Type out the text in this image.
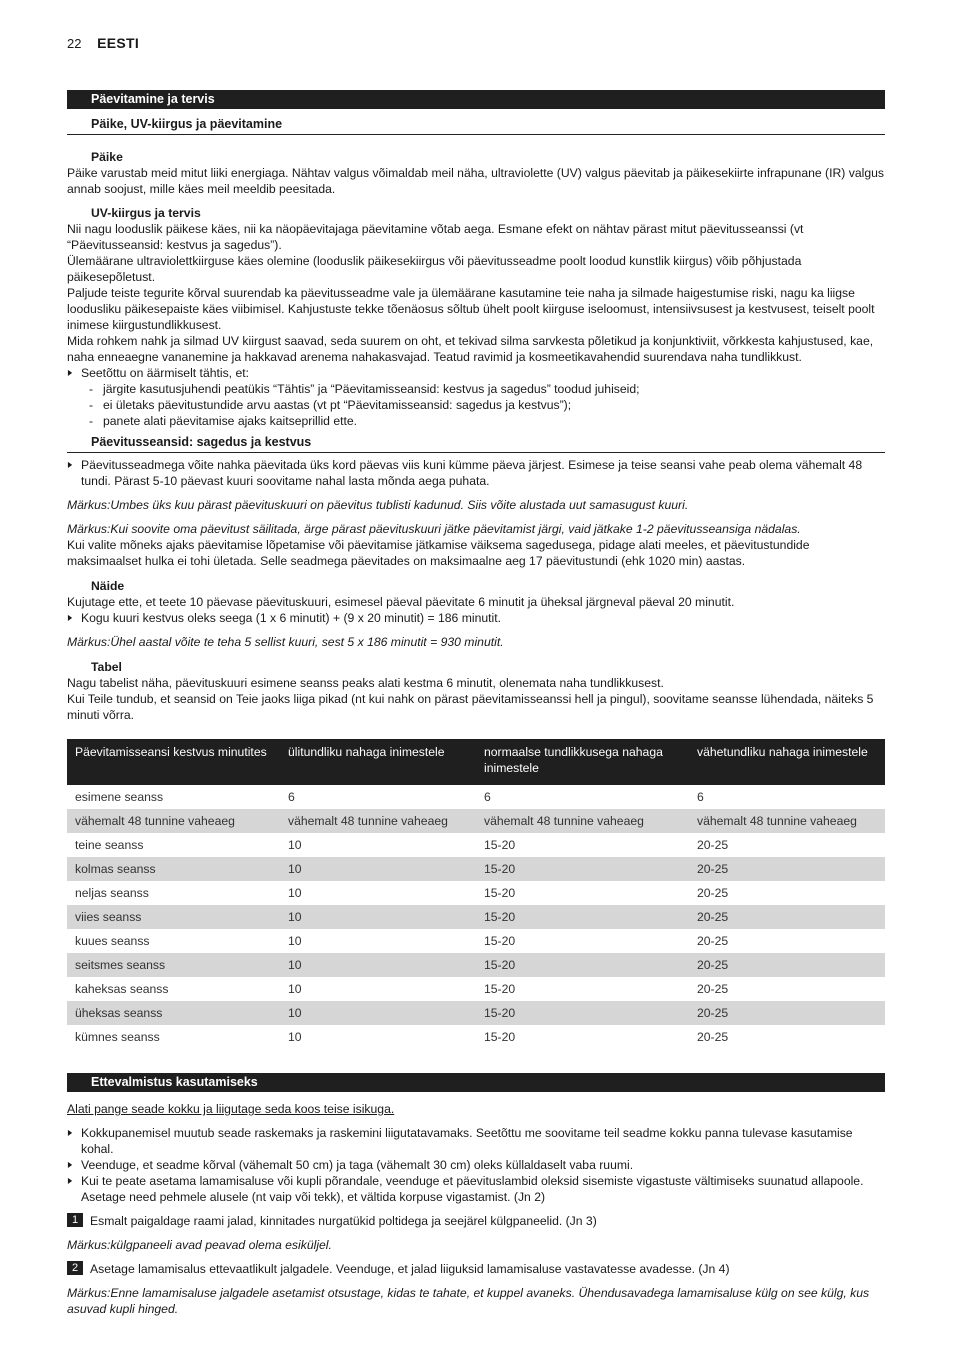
22 EESTI
Päevitamine ja tervis
Päike, UV-kiirgus ja päevitamine
Päike

Päike varustab meid mitut liiki energiaga. Nähtav valgus võimaldab meil näha, ultraviolette (UV) valgus päevitab ja päikesekiirte infrapunane (IR) valgus annab soojust, mille käes meil meeldib peesitada.

UV-kiirgus ja tervis

Nii nagu looduslik päikese käes, nii ka näopäevitajaga päevitamine võtab aega. Esmane efekt on nähtav pärast mitut päevitusseanssi (vt “Päevitusseansid: kestvus ja sagedus”).

Ülemäärane ultraviolettkiirguse käes olemine (looduslik päikesekiirgus või päevitusseadme poolt loodud kunstlik kiirgus) võib põhjustada päikesepõletust.

Paljude teiste tegurite kõrval suurendab ka päevitusseadme vale ja ülemäärane kasutamine teie naha ja silmade haigestumise riski, nagu ka liigse loodusliku päikesepaiste käes viibimisel. Kahjustuste tekke tõenäosus sõltub ühelt poolt kiirguse iseloomust, intensiivsusest ja kestvusest, teiselt poolt inimese kiirgustundlikkusest.

Mida rohkem nahk ja silmad UV kiirgust saavad, seda suurem on oht, et tekivad silma sarvkesta põletikud ja konjunktiviit, võrkkesta kahjustused, kae, naha enneaegne vananemine ja hakkavad arenema nahakasvajad. Teatud ravimid ja kosmeetikavahendid suurendava naha tundlikkust.

▶ Seetõttu on äärmiselt tähtis, et:

- järgite kasutusjuhendi peatükis “Tähtis” ja “Päevitamisseansid: kestvus ja sagedus” toodud juhiseid;

- ei ületaks päevitustundide arvu aastas (vt pt “Päevitamisseansid: sagedus ja kestvus”);

- panete alati päevitamise ajaks kaitseprillid ette.

Päevitusseansid: sagedus ja kestvus

▶ Päevitusseadmega võite nahka päevitada üks kord päevas viis kuni kümme päeva järjest. Esimese ja teise seansi vahe peab olema vähemalt 48 tundi. Pärast 5-10 päevast kuuri soovitame nahal lasta mõnda aega puhata.

Märkus:Umbes üks kuu pärast päevituskuuri on päevitus tublisti kadunud. Siis võite alustada uut samasugust kuuri.

Märkus:Kui soovite oma päevitust säilitada, ärge pärast päevituskuuri jätke päevitamist järgi, vaid jätkake 1-2 päevitusseansiga nädalas.

Kui valite mõneks ajaks päevitamise lõpetamise või päevitamise jätkamise väiksema sagedusega, pidage alati meeles, et päevitustundide maksimaalset hulka ei tohi ületada. Selle seadmega päevitades on maksimaalne aeg 17 päevitustundi (ehk 1020 min) aastas.

Näide

Kujutage ette, et teete 10 päevase päevituskuuri, esimesel päeval päevitate 6 minutit ja üheksal järgneval päeval 20 minutit.

▶ Kogu kuuri kestvus oleks seega (1 x 6 minutit) + (9 x 20 minutit) = 186 minutit.

Märkus:Ühel aastal võite te teha 5 sellist kuuri, sest 5 x 186 minutit = 930 minutit.

Tabel

Nagu tabelist näha, päevituskuuri esimene seanss peaks alati kestma 6 minutit, olenemata naha tundlikkusest.

Kui Teile tundub, et seansid on Teie jaoks liiga pikad (nt kui nahk on pärast päevitamisseanssi hell ja pingul), soovitame seansse lühendada, näiteks 5 minuti võrra.

Päevitamisseansi kestvus minutites	ülitundliku nahaga inimestele	normaalse tundlikkusega nahaga inimestele	vähetundliku nahaga inimestele
esimene seanss	6	6	6
vähemalt 48 tunnine vaheaeg	vähemalt 48 tunnine vaheaeg	vähemalt 48 tunnine vaheaeg	vähemalt 48 tunnine vaheaeg
teine seanss	10	15-20	20-25
kolmas seanss	10	15-20	20-25
neljas seanss	10	15-20	20-25
viies seanss	10	15-20	20-25
kuues seanss	10	15-20	20-25
seitsmes seanss	10	15-20	20-25
kaheksas seanss	10	15-20	20-25
üheksas seanss	10	15-20	20-25
kümnes seanss	10	15-20	20-25
Ettevalmistus kasutamiseks

Alati pange seade kokku ja liigutage seda koos teise isikuga.

▶ Kokkupanemisel muutub seade raskemaks ja raskemini liigutatavamaks. Seetõttu me soovitame teil seadme kokku panna tulevase kasutamise kohal.

▶ Veenduge, et seadme kõrval (vähemalt 50 cm) ja taga (vähemalt 30 cm) oleks küllaldaselt vaba ruumi.

▶ Kui te peate asetama lamamisaluse või kupli põrandale, veenduge et päevituslambid oleksid sisemiste vigastuste vältimiseks suunatud allapoole. Asetage need pehmele alusele (nt vaip või tekk), et vältida korpuse vigastamist. (Jn 2)

1 Esmalt paigaldage raami jalad, kinnitades nurgatükid poltidega ja seejärel külgpaneelid. (Jn 3)

Märkus:külgpaneeli avad peavad olema esiküljel.

2 Asetage lamamisalus ettevaatlikult jalgadele. Veenduge, et jalad liiguksid lamamisaluse vastavatesse avadesse. (Jn 4)

Märkus:Enne lamamisaluse jalgadele asetamist otsustage, kidas te tahate, et kuppel avaneks. Ühendusavadega lamamisaluse külg on see külg, kus asuvad kupli hinged.
